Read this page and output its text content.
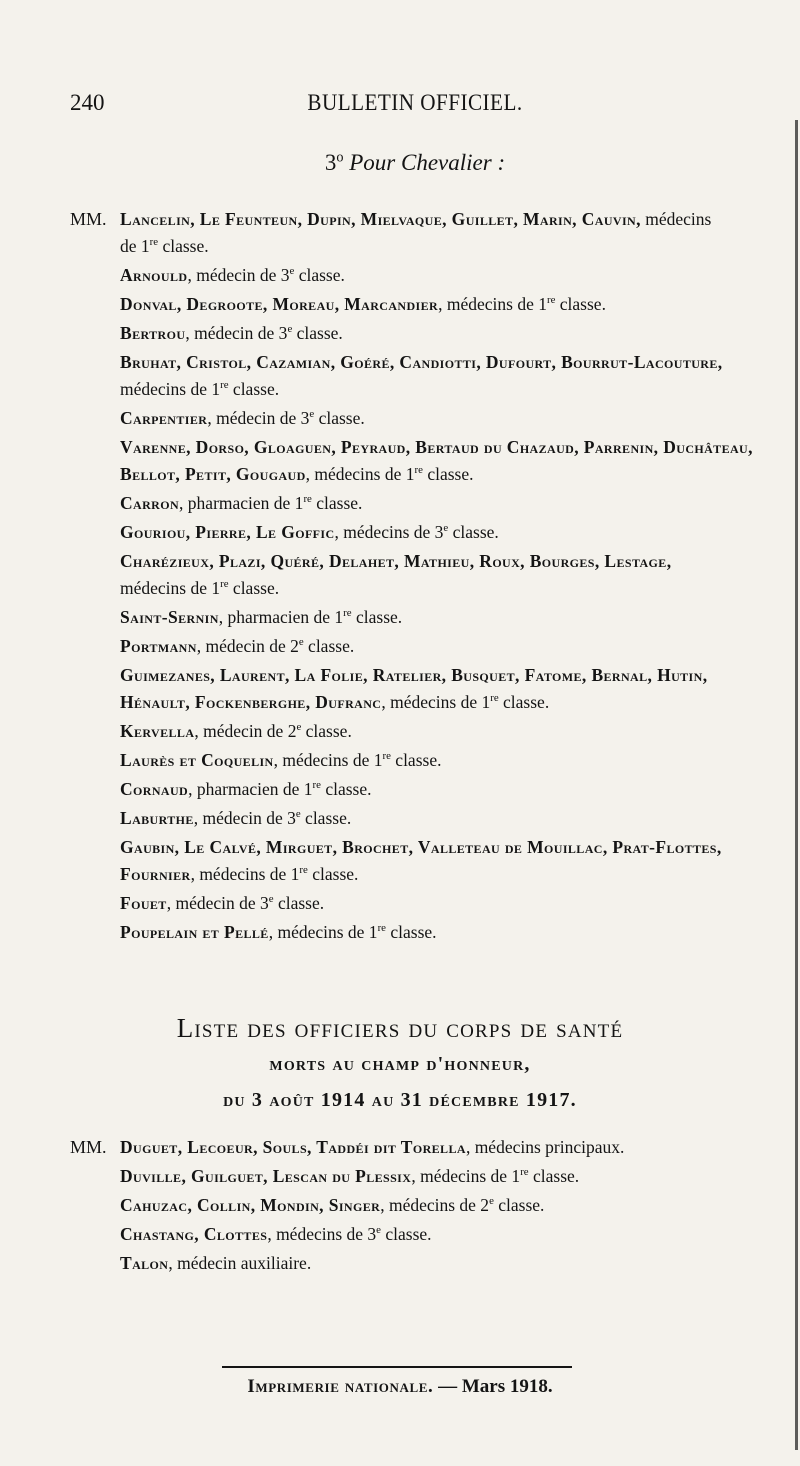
240	BULLETIN OFFICIEL.
3$^o$ Pour Chevalier :
MM. Lancelin, Le Feunteun, Dupin, Mielvaque, Guillet, Marin, Cauvin, médecins
de 1re classe.
Arnould, médecin de 3e classe.
Donval, Degroote, Moreau, Marcandier, médecins de 1re classe.
Bertrou, médecin de 3e classe.
Bruhat, Cristol, Cazamian, Goéré, Candiotti, Dufourt, Bourrut-Lacouture,
médecins de 1re classe.
Carpentier, médecin de 3e classe.
Varenne, Dorso, Gloaguen, Peyraud, Bertaud du Chazaud, Parrenin, Duchâteau,
Bellot, Petit, Gougaud, médecins de 1re classe.
Carron, pharmacien de 1re classe.
Gourio​u, Pierre, Le Goffic, médecins de 3e classe.
Charézieux, Plazi, Quéré, Delahet, Mathieu, Roux, Bourges, Lestage,
médecins de 1re classe.
Saint-Sernin, pharmacien de 1re classe.
Portmann, médecin de 2e classe.
Guimezanes, Laurent, La Folie, Ratelier, Busquet, Fatome, Bernal, Hutin,
Hénault, Fockenberghe, Dufranc, médecins de 1re classe.
Kervella, médecin de 2e classe.
Laurès et Coquelin, médecins de 1re classe.
Cornaud, pharmacien de 1re classe.
Laburthe, médecin de 3e classe.
Gaubin, Le Calvé, Mirguet, Brochet, Valleteau de Mouillac, Prat-Flottes,
Fournier, médecins de 1re classe.
Fouet, médecin de 3e classe.
Poupelain et Pellé, médecins de 1re classe.
Liste des officiers du corps de santé
morts au champ d'honneur,
du 3 août 1914 au 31 décembre 1917.
MM. Duguet, Lecoeur, Souls, Taddéi dit Torella, médecins principaux.
Duville, Guilguet, Lescan du Plessix, médecins de 1re classe.
Cahuzac, Collin, Mondin, Singer, médecins de 2e classe.
Chastang, Clottes, médecins de 3e classe.
Talon, médecin auxiliaire.
Imprimerie nationale. — Mars 1918.
